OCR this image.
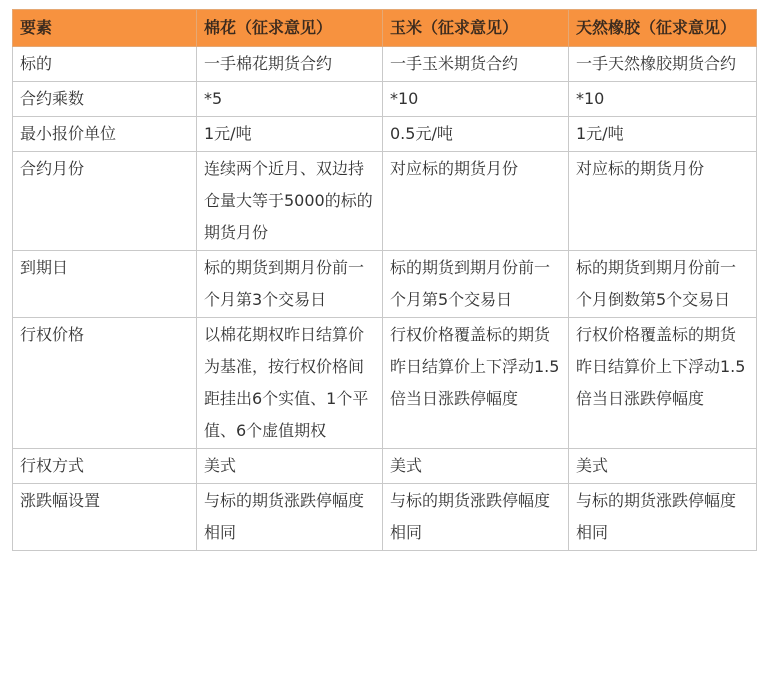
要素	棉花（征求意见）	玉米（征求意见）	天然橡胶（征求意见）
标的	一手棉花期货合约	一手玉米期货合约	一手天然橡胶期货合约
合约乘数	*5	*10	*10
最小报价单位	1元/吨	0.5元/吨	1元/吨
合约月份	连续两个近月、双边持仓量大等于5000的标的期货月份	对应标的期货月份	对应标的期货月份
到期日	标的期货到期月份前一个月第3个交易日	标的期货到期月份前一个月第5个交易日	标的期货到期月份前一个月倒数第5个交易日
行权价格	以棉花期权昨日结算价为基准，按行权价格间距挂出6个实值、1个平值、6个虚值期权	行权价格覆盖标的期货昨日结算价上下浮动1.5倍当日涨跌停幅度	行权价格覆盖标的期货昨日结算价上下浮动1.5倍当日涨跌停幅度
行权方式	美式	美式	美式
涨跌幅设置	与标的期货涨跌停幅度相同	与标的期货涨跌停幅度相同	与标的期货涨跌停幅度相同
